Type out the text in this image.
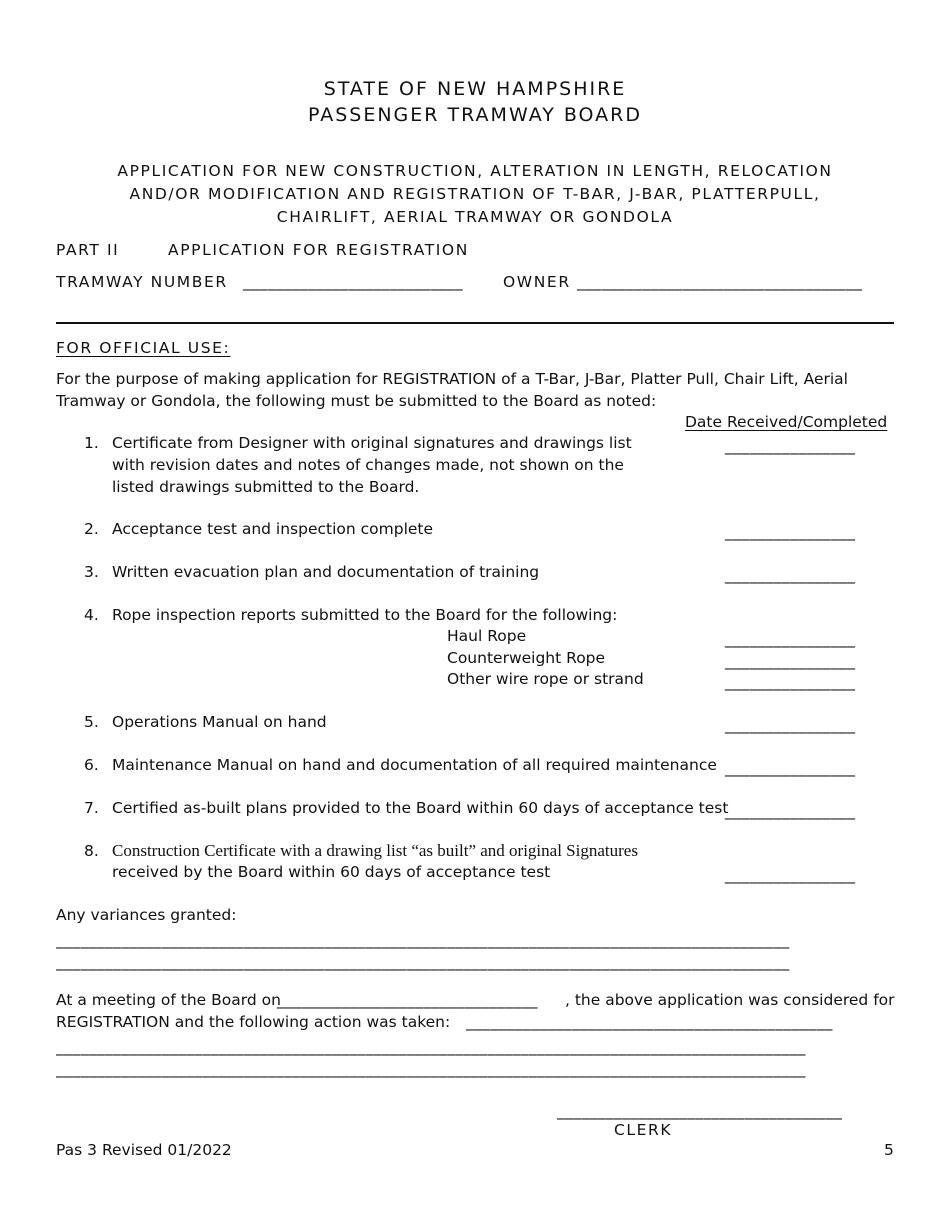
STATE OF NEW HAMPSHIRE
PASSENGER TRAMWAY BOARD
APPLICATION FOR NEW CONSTRUCTION, ALTERATION IN LENGTH, RELOCATION
AND/OR MODIFICATION AND REGISTRATION OF T-BAR, J-BAR, PLATTERPULL,
CHAIRLIFT, AERIAL TRAMWAY OR GONDOLA
PART II	APPLICATION FOR REGISTRATION
TRAMWAY NUMBER ___________________________	OWNER ___________________________________
FOR OFFICIAL USE:
For the purpose of making application for REGISTRATION of a T-Bar, J-Bar, Platter Pull, Chair Lift, Aerial
Tramway or Gondola, the following must be submitted to the Board as noted:
Date Received/Completed
1. Certificate from Designer with original signatures and drawings list
with revision dates and notes of changes made, not shown on the
listed drawings submitted to the Board.
________________
2. Acceptance test and inspection complete	________________
3. Written evacuation plan and documentation of training	________________
4. Rope inspection reports submitted to the Board for the following:
Haul Rope	________________
Counterweight Rope	________________
Other wire rope or strand	________________
5. Operations Manual on hand	________________
6. Maintenance Manual on hand and documentation of all required maintenance ________________
7. Certified as-built plans provided to the Board within 60 days of acceptance test
________________
8. Construction Certificate with a drawing list “as built” and original Signatures
received by the Board within 60 days of acceptance test	________________
Any variances granted:
__________________________________________________________________________________________
__________________________________________________________________________________________
At a meeting of the Board on
________________________________ , the above application was considered for
REGISTRATION and the following action was taken: _____________________________________________
____________________________________________________________________________________________
____________________________________________________________________________________________
___________________________________
CLERK
Pas 3 Revised 01/2022	5
